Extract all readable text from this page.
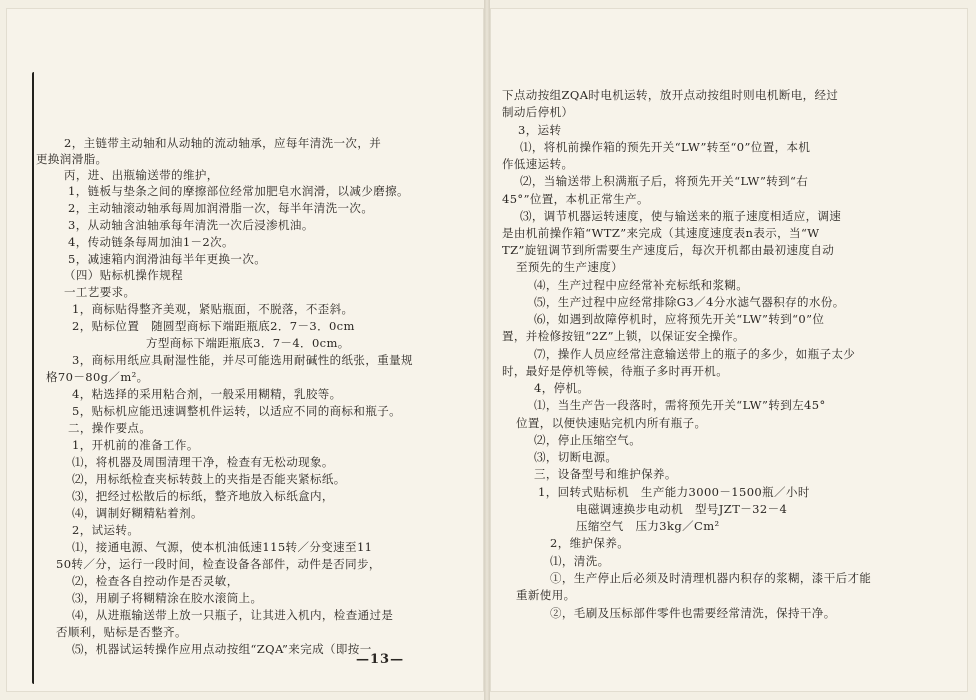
2，主链带主动轴和从动轴的流动轴承，应每年清洗一次，并
更换润滑脂。
丙，进、出瓶输送带的维护，
1，链板与垫条之间的摩擦部位经常加肥皂水润滑，以减少磨擦。
2，主动轴滚动轴承每周加润滑脂一次，每半年清洗一次。
3，从动轴含油轴承每年清洗一次后浸渗机油。
4，传动链条每周加油1－2次。
5，减速箱内润滑油每半年更换一次。
（四）贴标机操作规程
一工艺要求。
1，商标贴得整齐美观，紧贴瓶面，不脱落，不歪斜。
2，贴标位置　随圆型商标下端距瓶底2．7－3．0cm
方型商标下端距瓶底3．7－4．0cm。
3，商标用纸应具耐湿性能，并尽可能选用耐碱性的纸张，重量规
格70－80g／m²。
4，粘选择的采用粘合剂，一般采用糊精，乳胶等。
5，贴标机应能迅速调整机件运转，以适应不同的商标和瓶子。
二，操作要点。
1，开机前的准备工作。
⑴，将机器及周围清理干净，检查有无松动现象。
⑵，用标纸检查夹标转鼓上的夹指是否能夹紧标纸。
⑶，把经过松散后的标纸，整齐地放入标纸盒内，
⑷，调制好糊精粘着剂。
2，试运转。
⑴，接通电源、气源，使本机油低速115转／分变速至11
50转／分，运行一段时间，检查设备各部件，动件是否同步，
⑵，检查各自控动作是否灵敏，
⑶，用刷子将糊精涂在胶水滚筒上。
⑷，从进瓶输送带上放一只瓶子，让其进入机内，检查通过是
否顺利，贴标是否整齐。
⑸，机器试运转操作应用点动按组“ZQA”来完成（即按一
—13—
下点动按组ZQA时电机运转，放开点动按组时则电机断电，经过
制动后停机）
3，运转
⑴，将机前操作箱的预先开关“LW”转至“0”位置，本机
作低速运转。
⑵，当输送带上积满瓶子后，将预先开关“LW”转到“右
45°”位置，本机正常生产。
⑶，调节机器运转速度，使与输送来的瓶子速度相适应，调速
是由机前操作箱“WTZ”来完成（其速度速度表n表示，当“W
TZ”旋钮调节到所需要生产速度后，每次开机都由最初速度自动
至预先的生产速度）
⑷，生产过程中应经常补充标纸和浆糊。
⑸，生产过程中应经常排除G3／4分水滤气器积存的水份。
⑹，如遇到故障停机时，应将预先开关“LW”转到“0”位
置，并检修按钮“2Z”上锁，以保证安全操作。
⑺，操作人员应经常注意输送带上的瓶子的多少，如瓶子太少
时，最好是停机等候，待瓶子多时再开机。
4，停机。
⑴，当生产告一段落时，需将预先开关“LW”转到左45°
位置，以便快速贴完机内所有瓶子。
⑵，停止压缩空气。
⑶，切断电源。
三，设备型号和维护保养。
1，回转式贴标机　生产能力3000－1500瓶／小时
电磁调速换步电动机　型号JZT－32－4
压缩空气　压力3kg／Cm²
2，维护保养。
⑴，清洗。
①，生产停止后必须及时清理机器内积存的浆糊，漆干后才能
重新使用。
②，毛刷及压标部件零件也需要经常清洗，保持干净。
